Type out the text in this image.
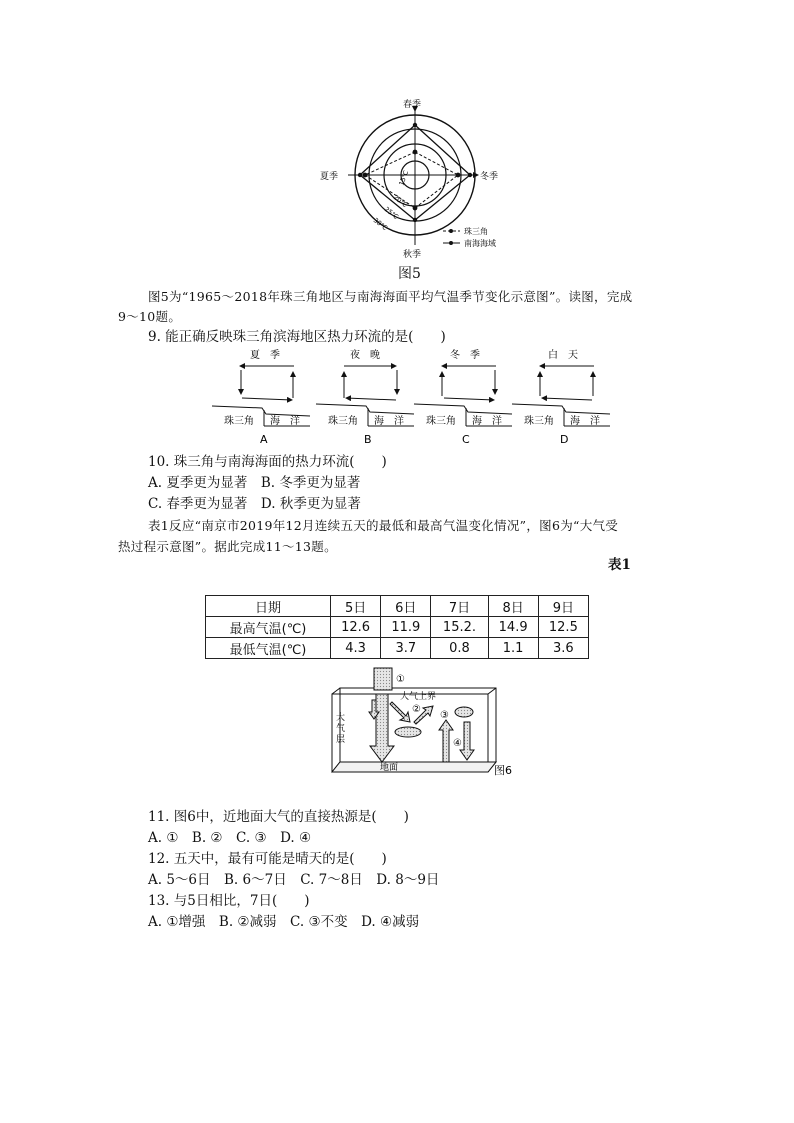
春季
夏季	冬季
秋季
30℃
25℃
20℃
15℃
珠三角
南海海域
图5
图5为“1965～2018年珠三角地区与南海海面平均气温季节变化示意图”。读图，完成
9～10题。
9. 能正确反映珠三角滨海地区热力环流的是(　　)
夏　季
珠三角 海　洋
A
夜　晚
珠三角 海　洋
B
冬　季
珠三角 海　洋
C
白　天
珠三角 海　洋
D
10. 珠三角与南海海面的热力环流(　　)
A. 夏季更为显著　B. 冬季更为显著
C. 春季更为显著　D. 秋季更为显著
表1反应“南京市2019年12月连续五天的最低和最高气温变化情况”，图6为“大气受
热过程示意图”。据此完成11～13题。
表1
日期	5日	6日	7日	8日	9日
最高气温(℃)	12.6	11.9	15.2.	14.9	12.5
最低气温(℃)	4.3	3.7	0.8	1.1	3.6
①
大气上界
大
气
层
②
③
④
地面	图6
11. 图6中，近地面大气的直接热源是(　　)
A. ①　B. ②　C. ③　D. ④
12. 五天中，最有可能是晴天的是(　　)
A. 5～6日　B. 6～7日　C. 7～8日　D. 8～9日
13. 与5日相比，7日(　　)
A. ①增强　B. ②减弱　C. ③不变　D. ④减弱
